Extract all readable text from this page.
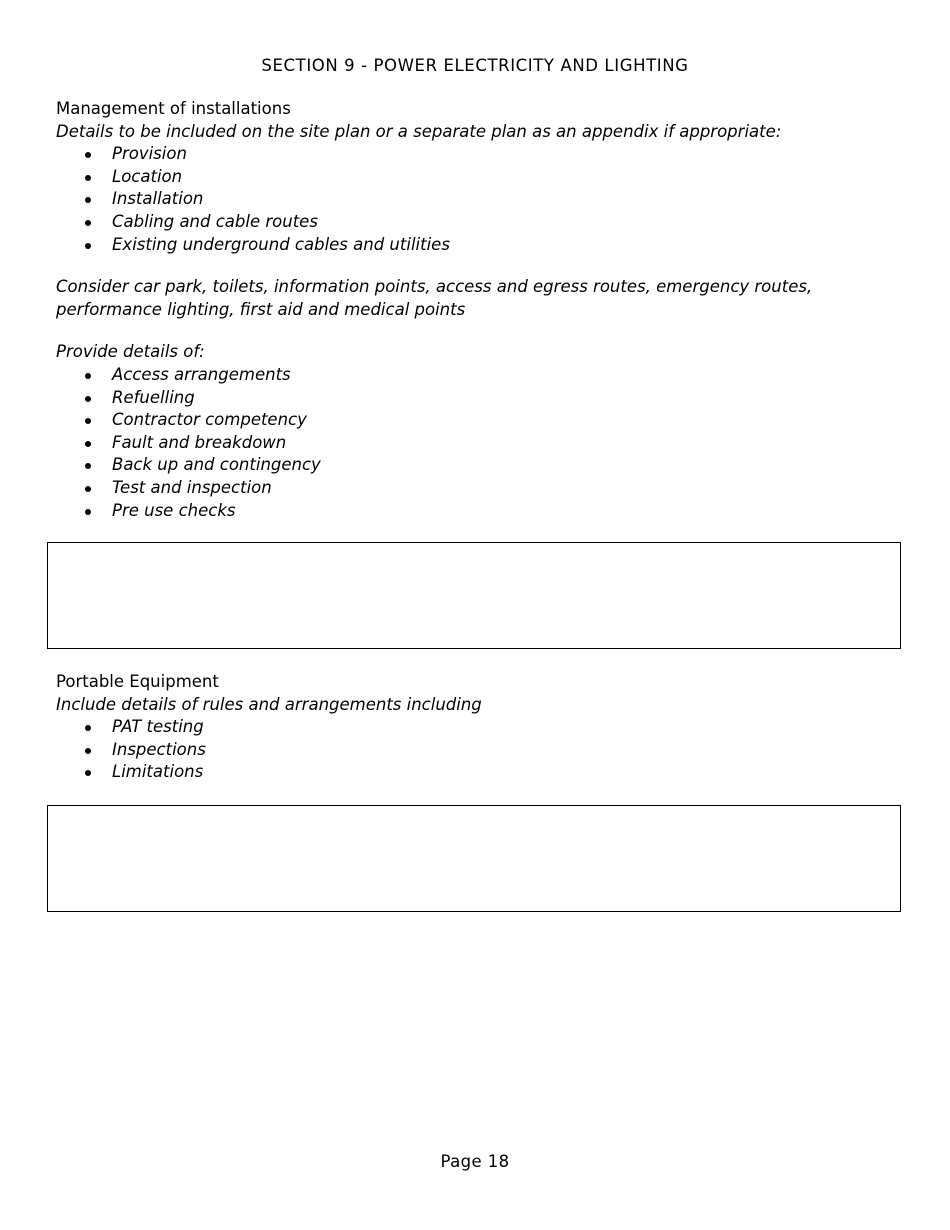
SECTION 9 - POWER ELECTRICITY AND LIGHTING
Management of installations
Details to be included on the site plan or a separate plan as an appendix if appropriate:
Provision
Location
Installation
Cabling and cable routes
Existing underground cables and utilities
Consider car park, toilets, information points, access and egress routes, emergency routes,
performance lighting, first aid and medical points
Provide details of:
Access arrangements
Refuelling
Contractor competency
Fault and breakdown
Back up and contingency
Test and inspection
Pre use checks
Portable Equipment
Include details of rules and arrangements including
PAT testing
Inspections
Limitations
Page 18
